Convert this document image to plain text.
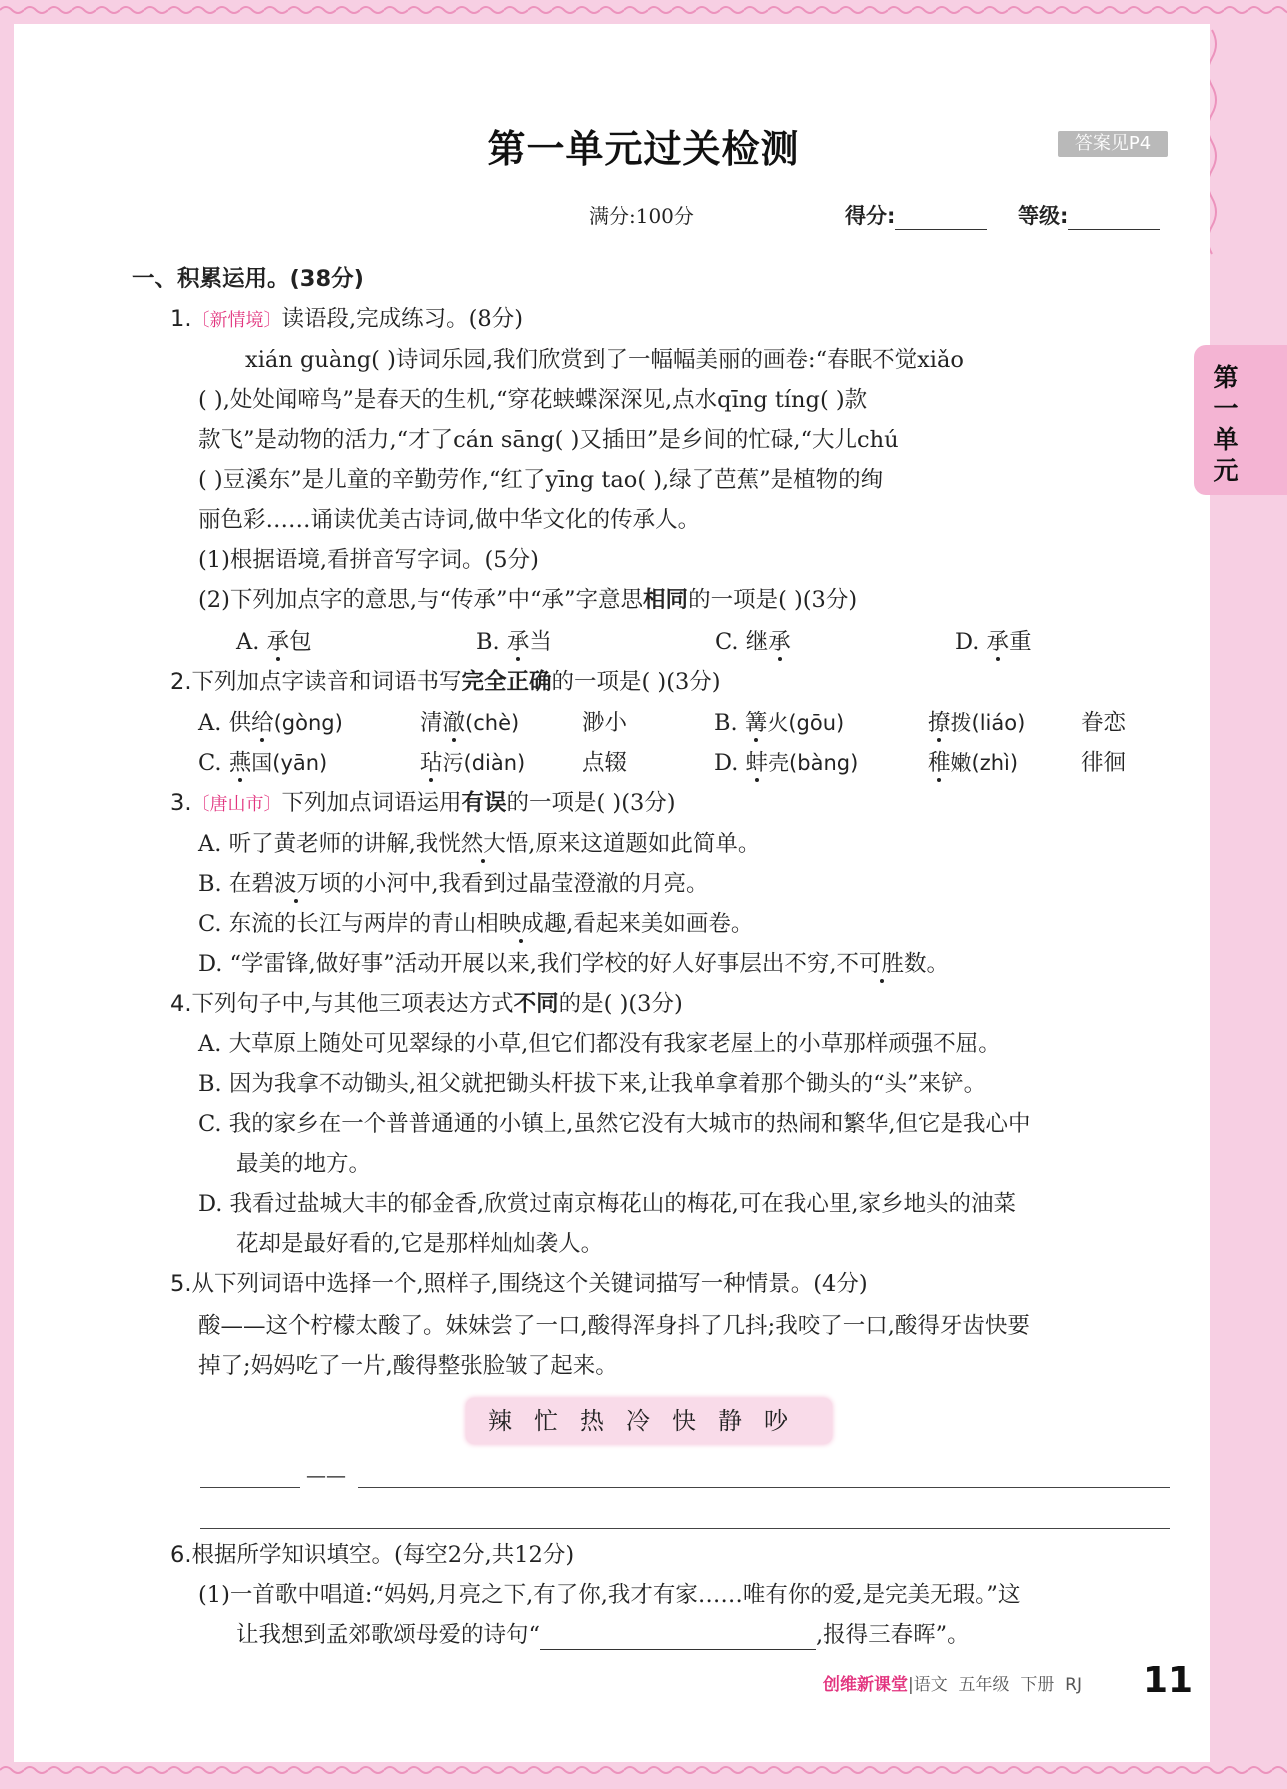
第一单元过关检测	答案见P4
满分:100分	得分:	等级:
第一单元
一、积累运用。(38分)
1.〔新情境〕读语段,完成练习。(8分)
xián guàng( )诗词乐园,我们欣赏到了一幅幅美丽的画卷:“春眠不觉xiǎo
( ),处处闻啼鸟”是春天的生机,“穿花蛱蝶深深见,点水qīng tíng( )款
款飞”是动物的活力,“才了cán sāng( )又插田”是乡间的忙碌,“大儿chú
( )豆溪东”是儿童的辛勤劳作,“红了yīng tao( ),绿了芭蕉”是植物的绚
丽色彩……诵读优美古诗词,做中华文化的传承人。
(1)根据语境,看拼音写字词。(5分)
(2)下列加点字的意思,与“传承”中“承”字意思相同的一项是( )(3分)
A. 承包	B. 承当	C. 继承	D. 承重
2.下列加点字读音和词语书写完全正确的一项是( )(3分)
A. 供给(gòng)	清澈(chè)	渺小	B. 篝火(gōu)	撩拨(liáo) 眷恋
C. 燕国(yān)	玷污(diàn)	点辍	D. 蚌壳(bàng)	稚嫩(zhì)	徘徊
3.〔唐山市〕下列加点词语运用有误的一项是( )(3分)
A. 听了黄老师的讲解,我恍然大悟,原来这道题如此简单。
B. 在碧波万顷的小河中,我看到过晶莹澄澈的月亮。
C. 东流的长江与两岸的青山相映成趣,看起来美如画卷。
D. “学雷锋,做好事”活动开展以来,我们学校的好人好事层出不穷,不可胜数。
4.下列句子中,与其他三项表达方式不同的是( )(3分)
A. 大草原上随处可见翠绿的小草,但它们都没有我家老屋上的小草那样顽强不屈。
B. 因为我拿不动锄头,祖父就把锄头杆拔下来,让我单拿着那个锄头的“头”来铲。
C. 我的家乡在一个普普通通的小镇上,虽然它没有大城市的热闹和繁华,但它是我心中
最美的地方。
D. 我看过盐城大丰的郁金香,欣赏过南京梅花山的梅花,可在我心里,家乡地头的油菜
花却是最好看的,它是那样灿灿袭人。
5.从下列词语中选择一个,照样子,围绕这个关键词描写一种情景。(4分)
酸——这个柠檬太酸了。妹妹尝了一口,酸得浑身抖了几抖;我咬了一口,酸得牙齿快要
掉了;妈妈吃了一片,酸得整张脸皱了起来。
辣忙热冷快静吵
——
6.根据所学知识填空。(每空2分,共12分)
(1)一首歌中唱道:“妈妈,月亮之下,有了你,我才有家……唯有你的爱,是完美无瑕。”这
让我想到孟郊歌颂母爱的诗句“	,报得三春晖”。
创维新课堂|语文 五年级 下册 RJ 11
